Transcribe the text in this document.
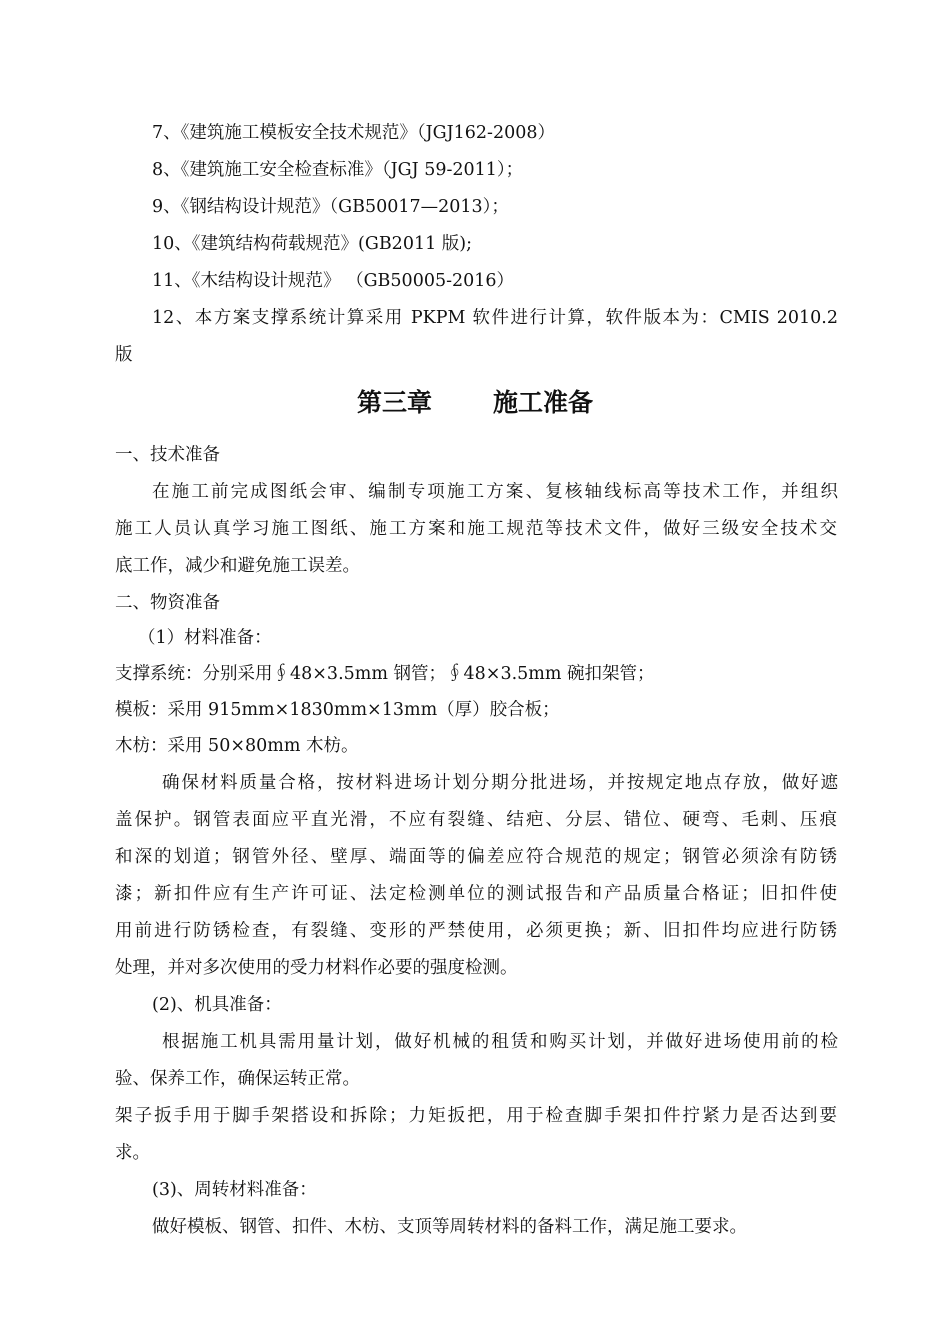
7、《建筑施工模板安全技术规范》（JGJ162-2008）
8、《建筑施工安全检查标准》（JGJ 59-2011）；
9、《钢结构设计规范》（GB50017—2013）；
10、《建筑结构荷载规范》(GB2011 版);
11、《木结构设计规范》 （GB50005-2016）
12、本方案支撑系统计算采用 PKPM 软件进行计算，软件版本为：CMIS 2010.2
版
第三章       施工准备
一、技术准备
在施工前完成图纸会审、编制专项施工方案、复核轴线标高等技术工作，并组织
施工人员认真学习施工图纸、施工方案和施工规范等技术文件，做好三级安全技术交
底工作，减少和避免施工误差。
二、物资准备
（1）材料准备：
支撑系统：分别采用∮48×3.5mm 钢管；∮48×3.5mm 碗扣架管；
模板：采用 915mm×1830mm×13mm（厚）胶合板；
木枋：采用 50×80mm 木枋。
确保材料质量合格，按材料进场计划分期分批进场，并按规定地点存放，做好遮
盖保护。钢管表面应平直光滑，不应有裂缝、结疤、分层、错位、硬弯、毛刺、压痕
和深的划道；钢管外径、壁厚、端面等的偏差应符合规范的规定；钢管必须涂有防锈
漆；新扣件应有生产许可证、法定检测单位的测试报告和产品质量合格证；旧扣件使
用前进行防锈检查，有裂缝、变形的严禁使用，必须更换；新、旧扣件均应进行防锈
处理，并对多次使用的受力材料作必要的强度检测。
(2)、机具准备：
根据施工机具需用量计划，做好机械的租赁和购买计划，并做好进场使用前的检
验、保养工作，确保运转正常。
架子扳手用于脚手架搭设和拆除；力矩扳把，用于检查脚手架扣件拧紧力是否达到要
求。
(3)、周转材料准备：
做好模板、钢管、扣件、木枋、支顶等周转材料的备料工作，满足施工要求。
